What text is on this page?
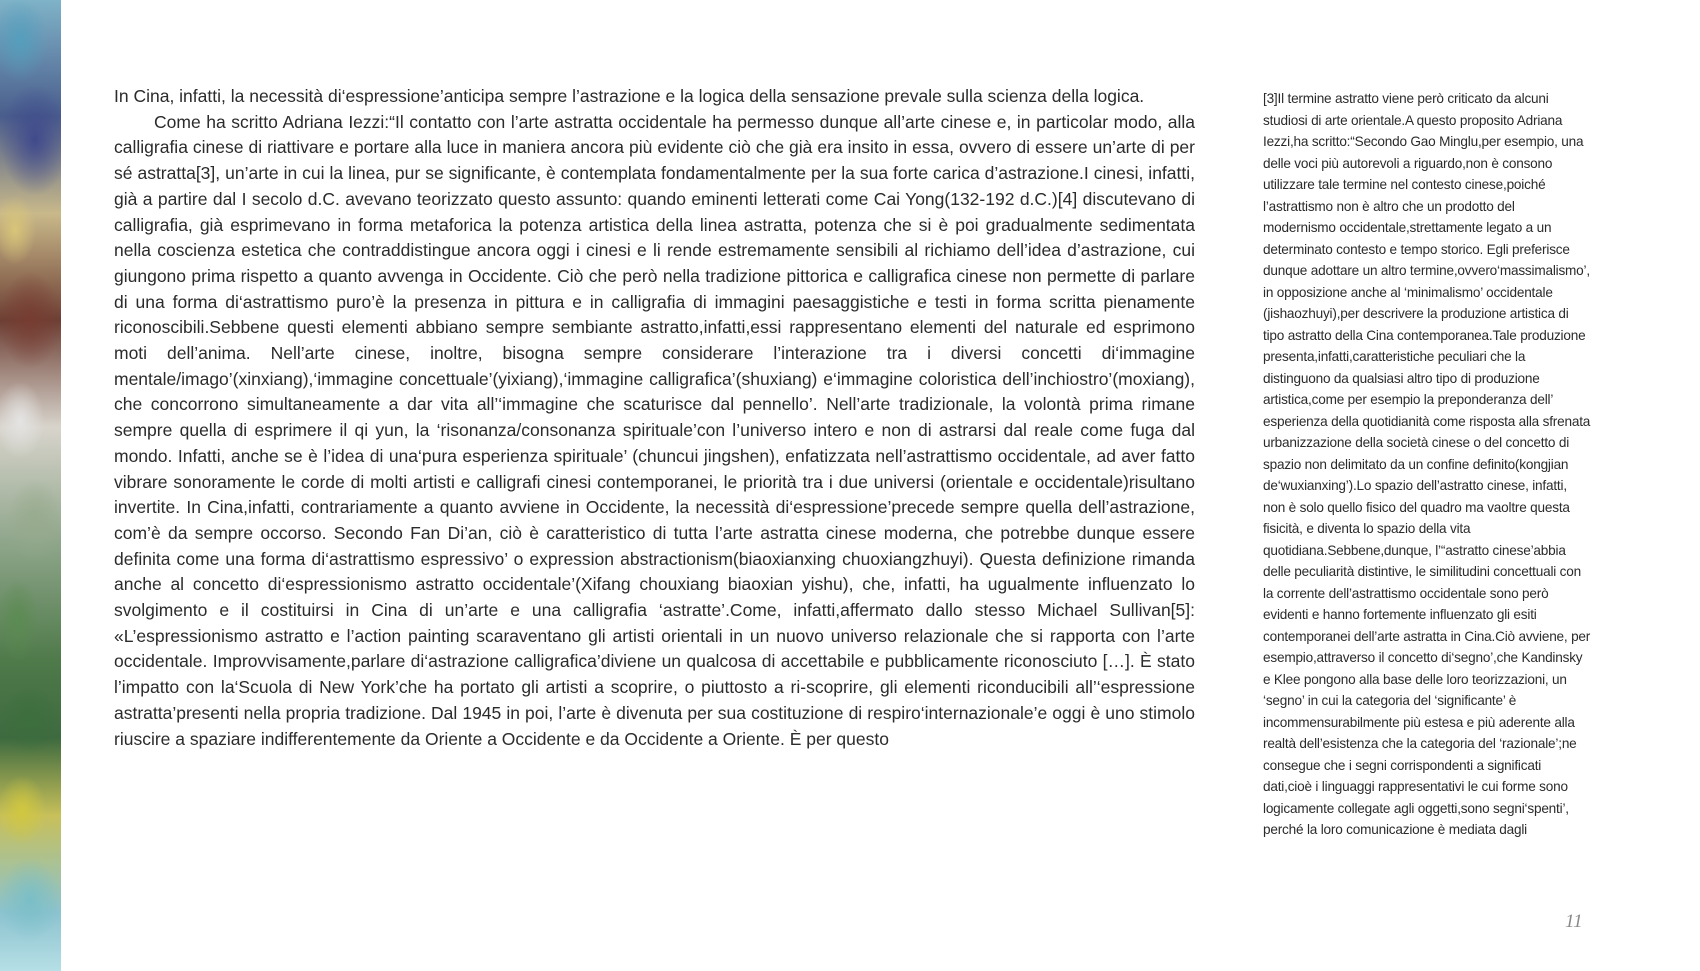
In Cina, infatti, la necessità di‘espressione’anticipa sempre l’astrazione e la logica della sensazione prevale sulla scienza della logica.

Come ha scritto Adriana Iezzi:“Il contatto con l’arte astratta occidentale ha permesso dunque all’arte cinese e, in particolar modo, alla calligrafia cinese di riattivare e portare alla luce in maniera ancora più evidente ciò che già era insito in essa, ovvero di essere un’arte di per sé astratta[3], un’arte in cui la linea, pur se significante, è contemplata fondamentalmente per la sua forte carica d’astrazione.I cinesi, infatti, già a partire dal I secolo d.C. avevano teorizzato questo assunto: quando eminenti letterati come Cai Yong(132-192 d.C.)[4] discutevano di calligrafia, già esprimevano in forma metaforica la potenza artistica della linea astratta, potenza che si è poi gradualmente sedimentata nella coscienza estetica che contraddistingue ancora oggi i cinesi e li rende estremamente sensibili al richiamo dell’idea d’astrazione, cui giungono prima rispetto a quanto avvenga in Occidente. Ciò che però nella tradizione pittorica e calligrafica cinese non permette di parlare di una forma di‘astrattismo puro’è la presenza in pittura e in calligrafia di immagini paesaggistiche e testi in forma scritta pienamente riconoscibili.Sebbene questi elementi abbiano sempre sembiante astratto,infatti,essi rappresentano elementi del naturale ed esprimono moti dell’anima. Nell’arte cinese, inoltre, bisogna sempre considerare l’interazione tra i diversi concetti di‘immagine mentale/imago’(xinxiang),‘immagine concettuale’(yixiang),‘immagine calligrafica’(shuxiang) e‘immagine coloristica dell’inchiostro’(moxiang), che concorrono simultaneamente a dar vita all’‘immagine che scaturisce dal pennello’. Nell’arte tradizionale, la volontà prima rimane sempre quella di esprimere il qi yun, la ‘risonanza/consonanza spirituale’con l’universo intero e non di astrarsi dal reale come fuga dal mondo. Infatti, anche se è l’idea di una‘pura esperienza spirituale’ (chuncui jingshen), enfatizzata nell’astrattismo occidentale, ad aver fatto vibrare sonoramente le corde di molti artisti e calligrafi cinesi contemporanei, le priorità tra i due universi (orientale e occidentale)risultano invertite. In Cina,infatti, contrariamente a quanto avviene in Occidente, la necessità di‘espressione’precede sempre quella dell’astrazione, com’è da sempre occorso. Secondo Fan Di’an, ciò è caratteristico di tutta l’arte astratta cinese moderna, che potrebbe dunque essere definita come una forma di‘astrattismo espressivo’ o expression abstractionism(biaoxianxing chuoxiangzhuyi). Questa definizione rimanda anche al concetto di‘espressionismo astratto occidentale’(Xifang chouxiang biaoxian yishu), che, infatti, ha ugualmente influenzato lo svolgimento e il costituirsi in Cina di un’arte e una calligrafia ‘astratte’.Come, infatti,affermato dallo stesso Michael Sullivan[5]: «L’espressionismo astratto e l’action painting scaraventano gli artisti orientali in un nuovo universo relazionale che si rapporta con l’arte occidentale. Improvvisamente,parlare di‘astrazione calligrafica’diviene un qualcosa di accettabile e pubblicamente riconosciuto […]. È stato l’impatto con la‘Scuola di New York’che ha portato gli artisti a scoprire, o piuttosto a ri-scoprire, gli elementi riconducibili all’‘espressione astratta’presenti nella propria tradizione. Dal 1945 in poi, l’arte è divenuta per sua costituzione di respiro‘internazionale’e oggi è uno stimolo riuscire a spaziare indifferentemente da Oriente a Occidente e da Occidente a Oriente. È per questo

[3]Il termine astratto viene però criticato da alcuni studiosi di arte orientale.A questo proposito Adriana Iezzi,ha scritto:“Secondo Gao Minglu,per esempio, una delle voci più autorevoli a riguardo,non è consono utilizzare tale termine nel contesto cinese,poiché l’astrattismo non è altro che un prodotto del modernismo occidentale,strettamente legato a un determinato contesto e tempo storico. Egli preferisce dunque adottare un altro termine,ovvero‘massimalismo’, in opposizione anche al ‘minimalismo’ occidentale (jishaozhuyi),per descrivere la produzione artistica di tipo astratto della Cina contemporanea.Tale produzione presenta,infatti,caratteristiche peculiari che la distinguono da qualsiasi altro tipo di produzione artistica,come per esempio la preponderanza dell’ esperienza della quotidianità come risposta alla sfrenata urbanizzazione della società cinese o del concetto di spazio non delimitato da un confine definito(kongjian de‘wuxianxing’).Lo spazio dell’astratto cinese, infatti, non è solo quello fisico del quadro ma vaoltre questa fisicità, e diventa lo spazio della vita quotidiana.Sebbene,dunque, l’“astratto cinese’abbia delle peculiarità distintive, le similitudini concettuali con la corrente dell’astrattismo occidentale sono però evidenti e hanno fortemente influenzato gli esiti contemporanei dell’arte astratta in Cina.Ciò avviene, per esempio,attraverso il concetto di‘segno’,che Kandinsky e Klee pongono alla base delle loro teorizzazioni, un ‘segno’ in cui la categoria del ‘significante’ è incommensurabilmente più estesa e più aderente alla realtà dell’esistenza che la categoria del ‘razionale’;ne consegue che i segni corrispondenti a significati dati,cioè i linguaggi rappresentativi le cui forme sono logicamente collegate agli oggetti,sono segni‘spenti’, perché la loro comunicazione è mediata dagli
11
